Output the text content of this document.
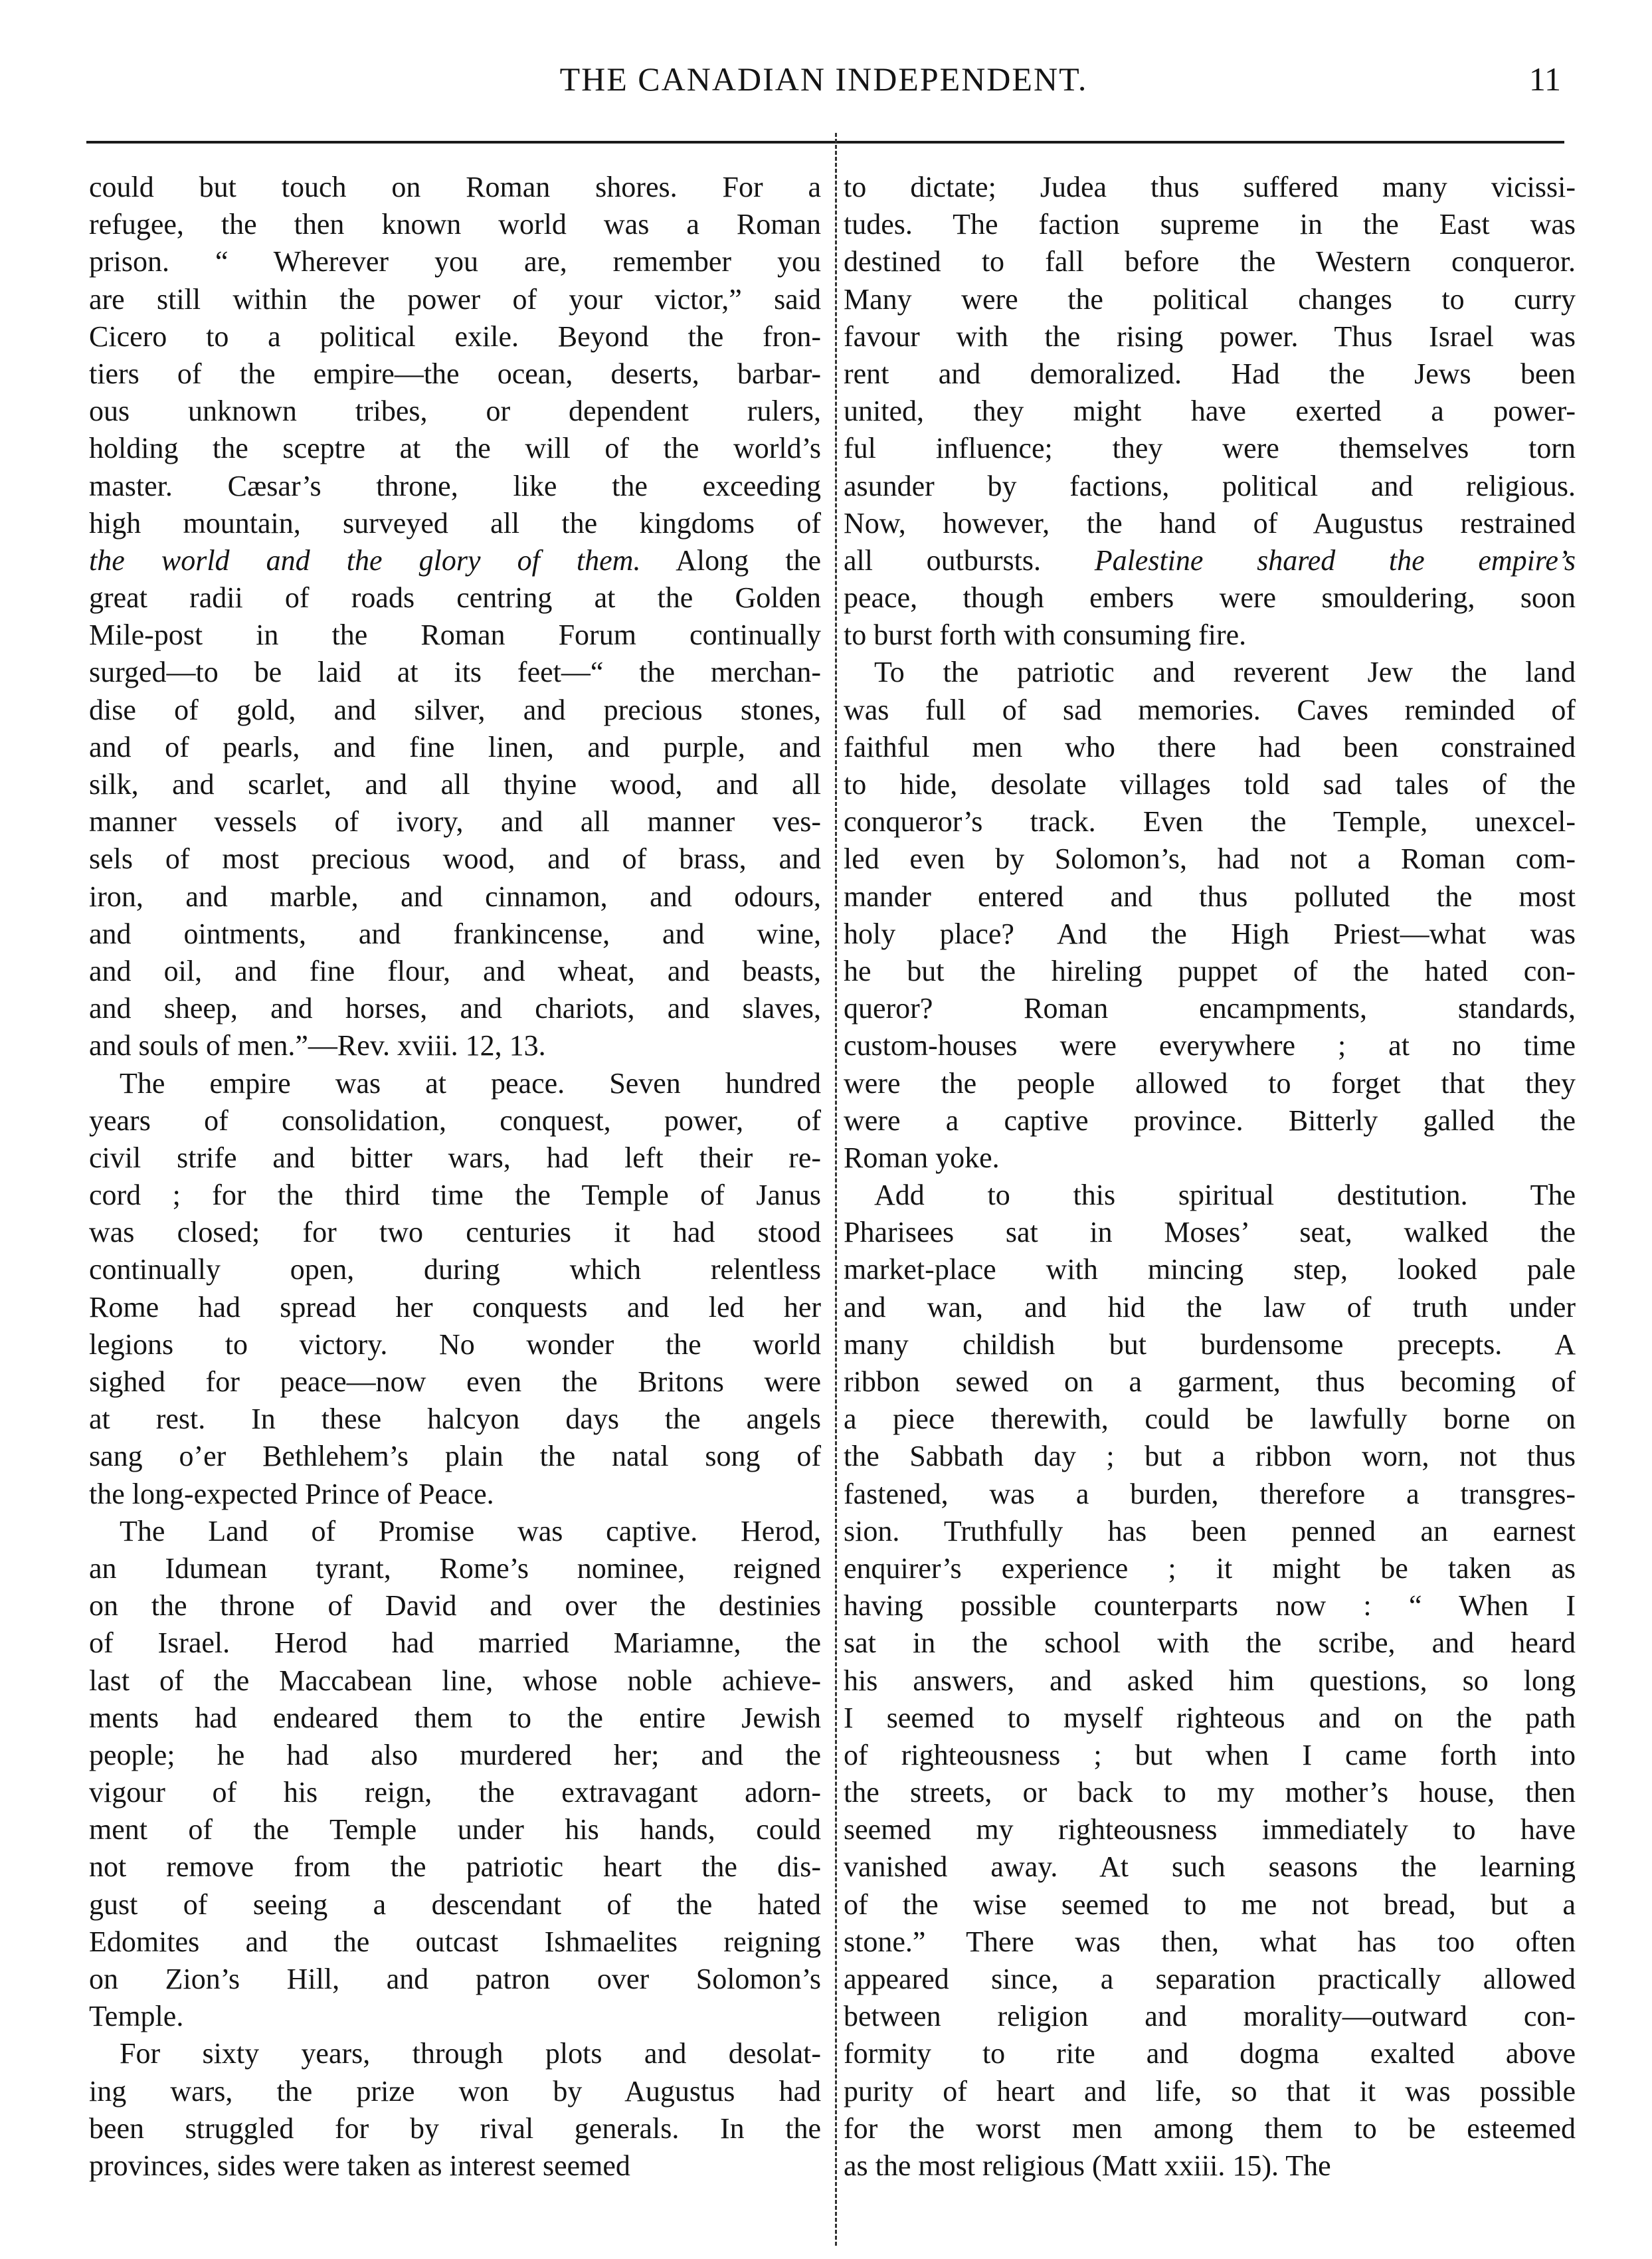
THE CANADIAN INDEPENDENT.	11

could but touch on Roman shores. For a
refugee, the then known world was a Roman
prison. “ Wherever you are, remember you
are still within the power of your victor,” said
Cicero to a political exile. Beyond the fron-
tiers of the empire—the ocean, deserts, barbar-
ous unknown tribes, or dependent rulers,
holding the sceptre at the will of the world’s
master. Cæsar’s throne, like the exceeding
high mountain, surveyed all the kingdoms of
the world and the glory of them. Along the
great radii of roads centring at the Golden
Mile-post in the Roman Forum continually
surged—to be laid at its feet—“ the merchan-
dise of gold, and silver, and precious stones,
and of pearls, and fine linen, and purple, and
silk, and scarlet, and all thyine wood, and all
manner vessels of ivory, and all manner ves-
sels of most precious wood, and of brass, and
iron, and marble, and cinnamon, and odours,
and ointments, and frankincense, and wine,
and oil, and fine flour, and wheat, and beasts,
and sheep, and horses, and chariots, and slaves,
and souls of men.”—Rev. xviii. 12, 13.

The empire was at peace. Seven hundred
years of consolidation, conquest, power, of
civil strife and bitter wars, had left their re-
cord ; for the third time the Temple of Janus
was closed; for two centuries it had stood
continually open, during which relentless
Rome had spread her conquests and led her
legions to victory. No wonder the world
sighed for peace—now even the Britons were
at rest. In these halcyon days the angels
sang o’er Bethlehem’s plain the natal song of
the long-expected Prince of Peace.

The Land of Promise was captive. Herod,
an Idumean tyrant, Rome’s nominee, reigned
on the throne of David and over the destinies
of Israel. Herod had married Mariamne, the
last of the Maccabean line, whose noble achieve-
ments had endeared them to the entire Jewish
people; he had also murdered her; and the
vigour of his reign, the extravagant adorn-
ment of the Temple under his hands, could
not remove from the patriotic heart the dis-
gust of seeing a descendant of the hated
Edomites and the outcast Ishmaelites reigning
on Zion’s Hill, and patron over Solomon’s
Temple.

For sixty years, through plots and desolat-
ing wars, the prize won by Augustus had
been struggled for by rival generals. In the
provinces, sides were taken as interest seemed

to dictate; Judea thus suffered many vicissi-
tudes. The faction supreme in the East was
destined to fall before the Western conqueror.
Many were the political changes to curry
favour with the rising power. Thus Israel was
rent and demoralized. Had the Jews been
united, they might have exerted a power-
ful influence; they were themselves torn
asunder by factions, political and religious.
Now, however, the hand of Augustus restrained
all outbursts. Palestine shared the empire’s
peace, though embers were smouldering, soon
to burst forth with consuming fire.

To the patriotic and reverent Jew the land
was full of sad memories. Caves reminded of
faithful men who there had been constrained
to hide, desolate villages told sad tales of the
conqueror’s track. Even the Temple, unexcel-
led even by Solomon’s, had not a Roman com-
mander entered and thus polluted the most
holy place? And the High Priest—what was
he but the hireling puppet of the hated con-
queror? Roman encampments, standards,
custom-houses were everywhere ; at no time
were the people allowed to forget that they
were a captive province. Bitterly galled the
Roman yoke.

Add to this spiritual destitution. The
Pharisees sat in Moses’ seat, walked the
market-place with mincing step, looked pale
and wan, and hid the law of truth under
many childish but burdensome precepts. A
ribbon sewed on a garment, thus becoming of
a piece therewith, could be lawfully borne on
the Sabbath day ; but a ribbon worn, not thus
fastened, was a burden, therefore a transgres-
sion. Truthfully has been penned an earnest
enquirer’s experience ; it might be taken as
having possible counterparts now : “ When I
sat in the school with the scribe, and heard
his answers, and asked him questions, so long
I seemed to myself righteous and on the path
of righteousness ; but when I came forth into
the streets, or back to my mother’s house, then
seemed my righteousness immediately to have
vanished away. At such seasons the learning
of the wise seemed to me not bread, but a
stone.” There was then, what has too often
appeared since, a separation practically allowed
between religion and morality—outward con-
formity to rite and dogma exalted above
purity of heart and life, so that it was possible
for the worst men among them to be esteemed
as the most religious (Matt xxiii. 15). The
